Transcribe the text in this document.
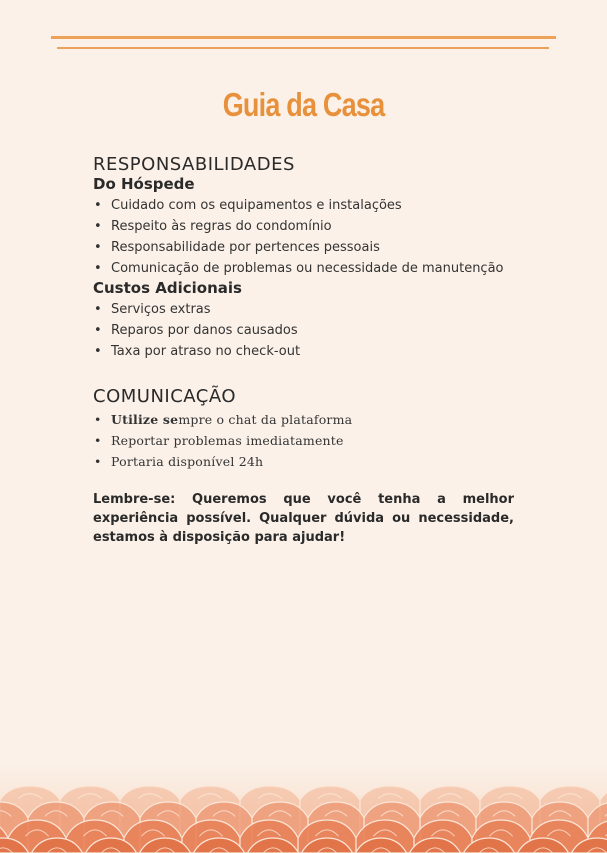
Guia da Casa
RESPONSABILIDADES
Do Hóspede
• Cuidado com os equipamentos e instalações
• Respeito às regras do condomínio
• Responsabilidade por pertences pessoais
• Comunicação de problemas ou necessidade de manutenção
Custos Adicionais
• Serviços extras
• Reparos por danos causados
• Taxa por atraso no check-out
COMUNICAÇÃO
• Utilize sempre o chat da plataforma
• Reportar problemas imediatamente
• Portaria disponível 24h
Lembre-se: Queremos que você tenha a melhor experiência possível. Qualquer dúvida ou necessidade, estamos à disposição para ajudar!
